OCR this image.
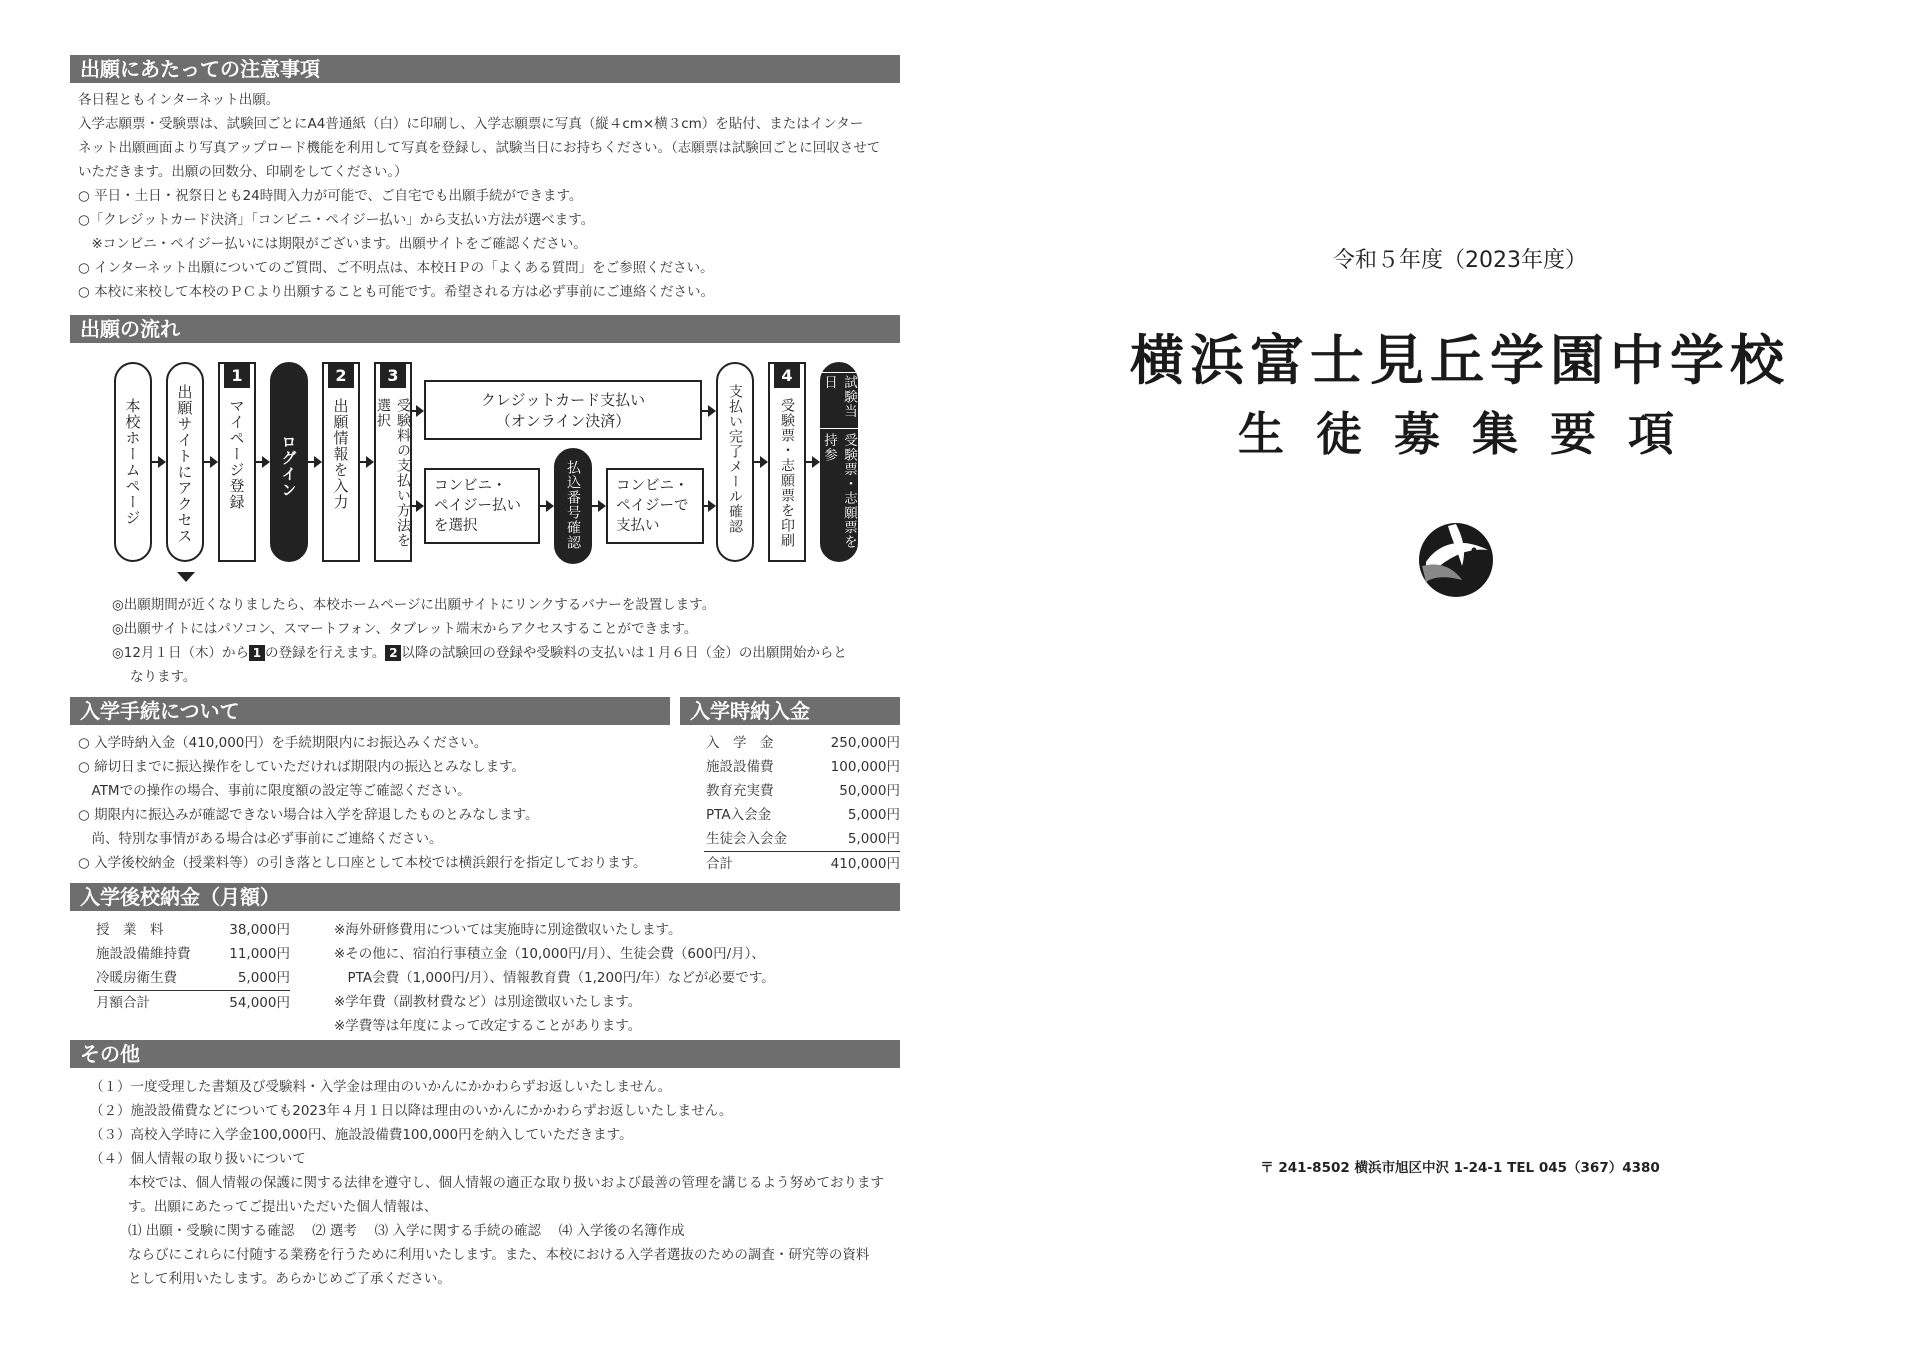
出願にあたっての注意事項
各日程ともインターネット出願。
入学志願票・受験票は、試験回ごとにA4普通紙（白）に印刷し、入学志願票に写真（縦４cm×横３cm）を貼付、またはインター
ネット出願画面より写真アップロード機能を利用して写真を登録し、試験当日にお持ちください。（志願票は試験回ごとに回収させて
いただきます。出願の回数分、印刷をしてください。）
○ 平日・土日・祝祭日とも24時間入力が可能で、ご自宅でも出願手続ができます。
○「クレジットカード決済」「コンビニ・ペイジー払い」から支払い方法が選べます。
　※コンビニ・ペイジー払いには期限がございます。出願サイトをご確認ください。
○ インターネット出願についてのご質問、ご不明点は、本校ＨＰの「よくある質問」をご参照ください。
○ 本校に来校して本校のＰＣより出願することも可能です。希望される方は必ず事前にご連絡ください。
出願の流れ
本校ホームページ 出願サイトにアクセス マイページ登録
1
ログイン 出願情報を入力
2
受験料の支払い方法を選択
3
クレジットカード支払い
（オンライン決済）
コンビニ・
ペイジー払い
を選択	払込番号確認 コンビニ・
ペイジーで
支払い	支払い完了メール確認	受験票・志願票を印刷
4	試験当日
受験票・志願票を持参
◎出願期間が近くなりましたら、本校ホームページに出願サイトにリンクするバナーを設置します。
◎出願サイトにはパソコン、スマートフォン、タブレット端末からアクセスすることができます。
◎12月１日（木）から 1 の登録を行えます。 2 以降の試験回の登録や受験料の支払いは１月６日（金）の出願開始からと
なります。
入学手続について
○ 入学時納入金（410,000円）を手続期限内にお振込みください。
○ 締切日までに振込操作をしていただければ期限内の振込とみなします。
　ATMでの操作の場合、事前に限度額の設定等ご確認ください。
○ 期限内に振込みが確認できない場合は入学を辞退したものとみなします。
　尚、特別な事情がある場合は必ず事前にご連絡ください。
○ 入学後校納金（授業料等）の引き落とし口座として本校では横浜銀行を指定しております。
入学時納入金
入　学　金	250,000円
施設設備費	100,000円
教育充実費	50,000円
PTA入会金	5,000円
生徒会入会金	5,000円
合計	410,000円
入学後校納金（月額）
授　業　料	38,000円
施設設備維持費	11,000円
冷暖房衛生費	5,000円
月額合計	54,000円
※海外研修費用については実施時に別途徴収いたします。
※その他に、宿泊行事積立金（10,000円/月）、生徒会費（600円/月）、
　PTA会費（1,000円/月）、情報教育費（1,200円/年）などが必要です。
※学年費（副教材費など）は別途徴収いたします。
※学費等は年度によって改定することがあります。
その他
（１）一度受理した書類及び受験料・入学金は理由のいかんにかかわらずお返しいたしません。
（２）施設設備費などについても2023年４月１日以降は理由のいかんにかかわらずお返しいたしません。
（３）高校入学時に入学金100,000円、施設設備費100,000円を納入していただきます。
（４）個人情報の取り扱いについて
本校では、個人情報の保護に関する法律を遵守し、個人情報の適正な取り扱いおよび最善の管理を講じるよう努めております
す。出願にあたってご提出いただいた個人情報は、
⑴ 出願・受験に関する確認　 ⑵ 選考　 ⑶ 入学に関する手続の確認　 ⑷ 入学後の名簿作成
ならびにこれらに付随する業務を行うために利用いたします。また、本校における入学者選抜のための調査・研究等の資料
として利用いたします。あらかじめご了承ください。
令和５年度（2023年度）
横浜富士見丘学園中学校
生 徒 募 集 要 項
〒 241-8502 横浜市旭区中沢 1-24-1 TEL 045（367）4380
